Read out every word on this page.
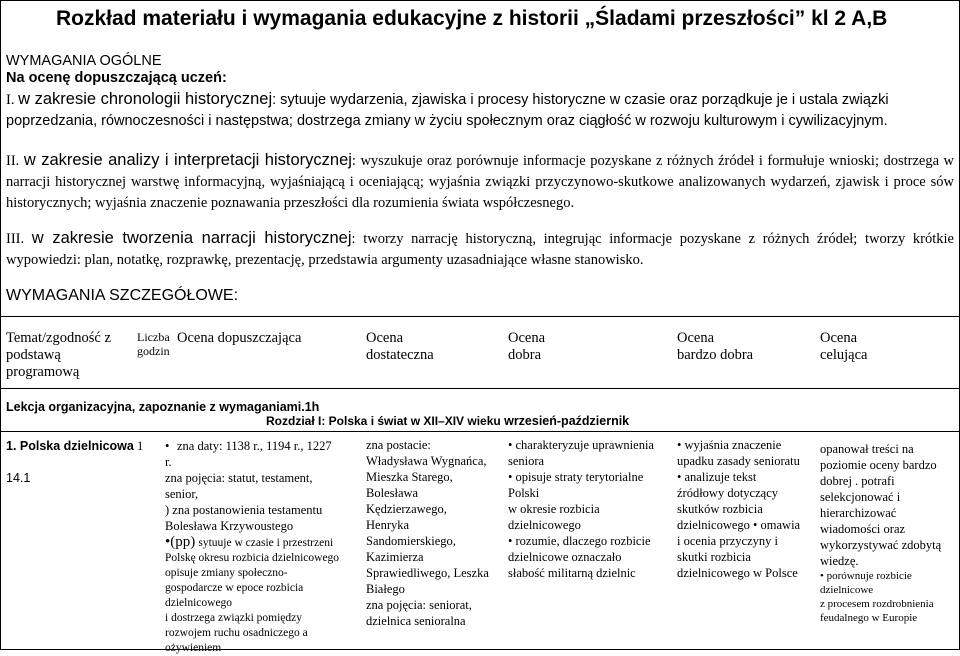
Rozkład materiału i wymagania edukacyjne z historii „Śladami przeszłości” kl 2 A,B
WYMAGANIA OGÓLNE
Na ocenę dopuszczającą uczeń:
I. w zakresie chronologii historycznej: sytuuje wydarzenia, zjawiska i procesy historyczne w czasie oraz porządkuje je i ustala związki poprzedzania, równoczesności i następstwa; dostrzega zmiany w życiu społecznym oraz ciągłość w rozwoju kulturowym i cywilizacyjnym.
II. w zakresie analizy i interpretacji historycznej: wyszukuje oraz porównuje informacje pozyskane z różnych źródeł i formułuje wnioski; dostrzega w narracji historycznej warstwę informacyjną, wyjaśniającą i oceniającą; wyjaśnia związki przyczynowo-skutkowe analizowanych wydarzeń, zjawisk i proce sów historycznych; wyjaśnia znaczenie poznawania przeszłości dla rozumienia świata współczesnego.
III. w zakresie tworzenia narracji historycznej: tworzy narrację historyczną, integrując informacje pozyskane z różnych źródeł; tworzy krótkie wypowiedzi: plan, notatkę, rozprawkę, prezentację, przedstawia argumenty uzasadniające własne stanowisko.
WYMAGANIA SZCZEGÓŁOWE:
Temat/zgodność z
podstawą
programową
Liczba
godzin
Ocena dopuszczająca	Ocena
dostateczna
Ocena
dobra
Ocena
bardzo dobra
Ocena
celująca
Lekcja organizacyjna, zapoznanie z wymaganiami.1h
Rozdział I: Polska i świat w XII–XIV wieku wrzesień-październik
1. Polska dzielnicowa
14.1
1 • zna daty: 1138 r., 1194 r., 1227
r.
zna pojęcia: statut, testament,
senior,
) zna postanowienia testamentu
Bolesława Krzywoustego
•(pp) sytuuje w czasie i przestrzeni
Polskę okresu rozbicia dzielnicowego
opisuje zmiany społeczno-
gospodarcze w epoce rozbicia
dzielnicowego
i dostrzega związki pomiędzy
rozwojem ruchu osadniczego a
ożywieniem
zna postacie:
Władysława Wygnańca,
Mieszka Starego,
Bolesława
Kędzierzawego,
Henryka
Sandomierskiego,
Kazimierza
Sprawiedliwego, Leszka
Białego
zna pojęcia: seniorat,
dzielnica senioralna
• charakteryzuje uprawnienia
seniora
• opisuje straty terytorialne
Polski
w okresie rozbicia
dzielnicowego
• rozumie, dlaczego rozbicie
dzielnicowe oznaczało
słabość militarną dzielnic
• wyjaśnia znaczenie
upadku zasady senioratu
• analizuje tekst
źródłowy dotyczący
skutków rozbicia
dzielnicowego • omawia
i ocenia przyczyny i
skutki rozbicia
dzielnicowego w Polsce
opanował treści na
poziomie oceny bardzo
dobrej . potrafi
selekcjonować i
hierarchizować
wiadomości oraz
wykorzystywać zdobytą
wiedzę.
• porównuje rozbicie
dzielnicowe
z procesem rozdrobnienia
feudalnego w Europie
